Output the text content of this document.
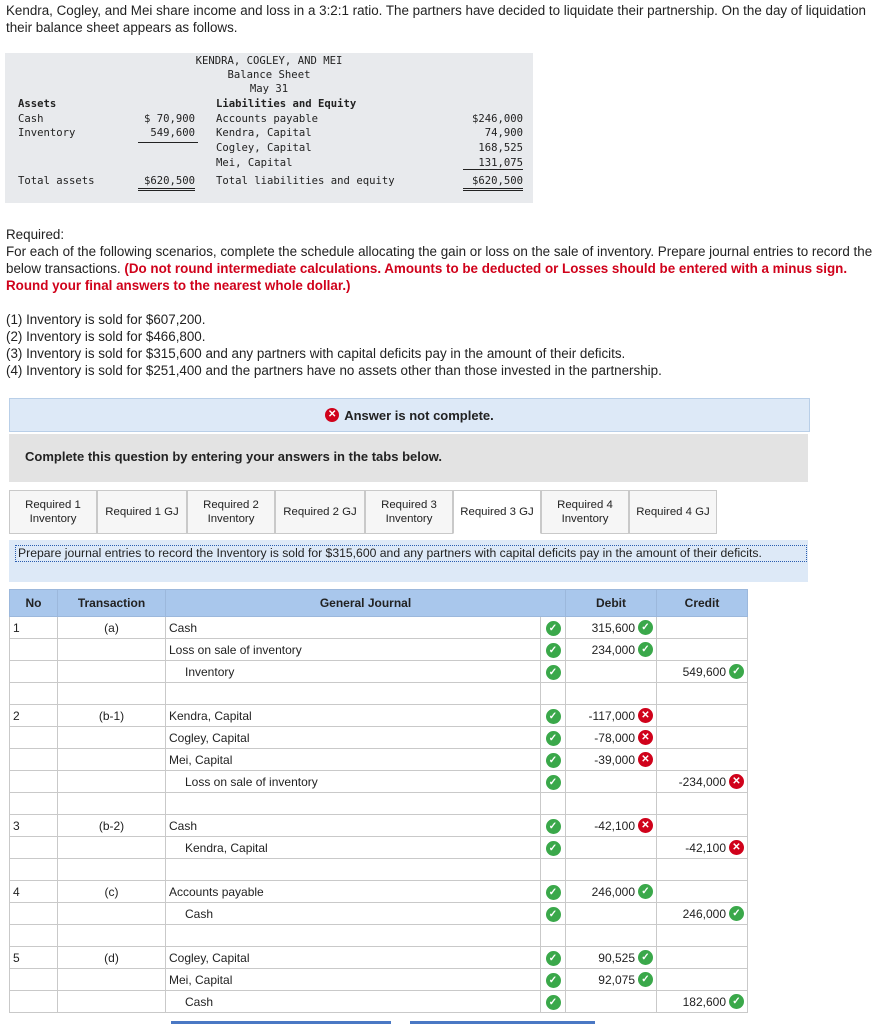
Kendra, Cogley, and Mei share income and loss in a 3:2:1 ratio. The partners have decided to liquidate their partnership. On the day of liquidation their balance sheet appears as follows.
KENDRA, COGLEY, AND MEI
Balance Sheet
May 31
Assets	Liabilities and Equity
Cash	$ 70,900 Accounts payable	$246,000
Inventory	549,600 Kendra, Capital	74,900
Cogley, Capital	168,525
Mei, Capital	131,075
Total assets	$620,500 Total liabilities and equity	$620,500
Required:
For each of the following scenarios, complete the schedule allocating the gain or loss on the sale of inventory. Prepare journal entries to record the below transactions. (Do not round intermediate calculations. Amounts to be deducted or Losses should be entered with a minus sign. Round your final answers to the nearest whole dollar.)
(1) Inventory is sold for $607,200.
(2) Inventory is sold for $466,800.
(3) Inventory is sold for $315,600 and any partners with capital deficits pay in the amount of their deficits.
(4) Inventory is sold for $251,400 and the partners have no assets other than those invested in the partnership.
✕ Answer is not complete.
Complete this question by entering your answers in the tabs below.
Required 1 Inventory
Required 1 GJ
Required 2 Inventory
Required 2 GJ
Required 3 Inventory
Required 3 GJ
Required 4 Inventory
Required 4 GJ
Prepare journal entries to record the Inventory is sold for $315,600 and any partners with capital deficits pay in the amount of their deficits.
No	Transaction	General Journal		Debit	Credit
1	(a)	Cash	✓	315,600 ✓	

		Loss on sale of inventory	✓	234,000 ✓	

		Inventory	✓		549,600 ✓

2	(b-1)	Kendra, Capital	✓	-117,000 ✕	

		Cogley, Capital	✓	-78,000 ✕	

		Mei, Capital	✓	-39,000 ✕	

		Loss on sale of inventory	✓		-234,000 ✕

3	(b-2)	Cash	✓	-42,100 ✕	

		Kendra, Capital	✓		-42,100 ✕

4	(c)	Accounts payable	✓	246,000 ✓	

		Cash	✓		246,000 ✓

5	(d)	Cogley, Capital	✓	90,525 ✓	

		Mei, Capital	✓	92,075 ✓	

		Cash	✓		182,600 ✓
